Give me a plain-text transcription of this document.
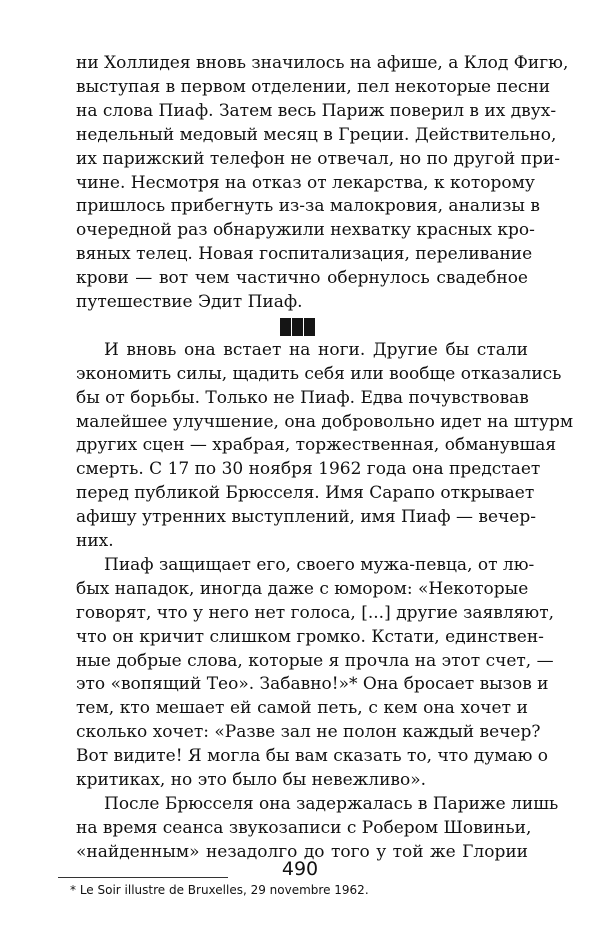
ни Холлидея вновь значилось на афише, а Клод Фигю,
выступая в первом отделении, пел некоторые песни
на слова Пиаф. Затем весь Париж поверил в их двух-
недельный медовый месяц в Греции. Действительно,
их парижский телефон не отвечал, но по другой при-
чине. Несмотря на отказ от лекарства, к которому
пришлось прибегнуть из-за малокровия, анализы в
очередной раз обнаружили нехватку красных кро-
вяных телец. Новая госпитализация, переливание
крови — вот чем частично обернулось свадебное
путешествие Эдит Пиаф.
И вновь она встает на ноги. Другие бы стали
экономить силы, щадить себя или вообще отказались
бы от борьбы. Только не Пиаф. Едва почувствовав
малейшее улучшение, она добровольно идет на штурм
других сцен — храбрая, торжественная, обманувшая
смерть. С 17 по 30 ноября 1962 года она предстает
перед публикой Брюсселя. Имя Сарапо открывает
афишу утренних выступлений, имя Пиаф — вечер-
них.
Пиаф защищает его, своего мужа-певца, от лю-
бых нападок, иногда даже с юмором: «Некоторые
говорят, что у него нет голоса, [...] другие заявляют,
что он кричит слишком громко. Кстати, единствен-
ные добрые слова, которые я прочла на этот счет, —
это «вопящий Тео». Забавно!»* Она бросает вызов и
тем, кто мешает ей самой петь, с кем она хочет и
сколько хочет: «Разве зал не полон каждый вечер?
Вот видите! Я могла бы вам сказать то, что думаю о
критиках, но это было бы невежливо».
После Брюсселя она задержалась в Париже лишь
на время сеанса звукозаписи с Робером Шовиньи,
«найденным» незадолго до того у той же Глории
* Le Soir illustre de Bruxelles, 29 novembre 1962.
490
